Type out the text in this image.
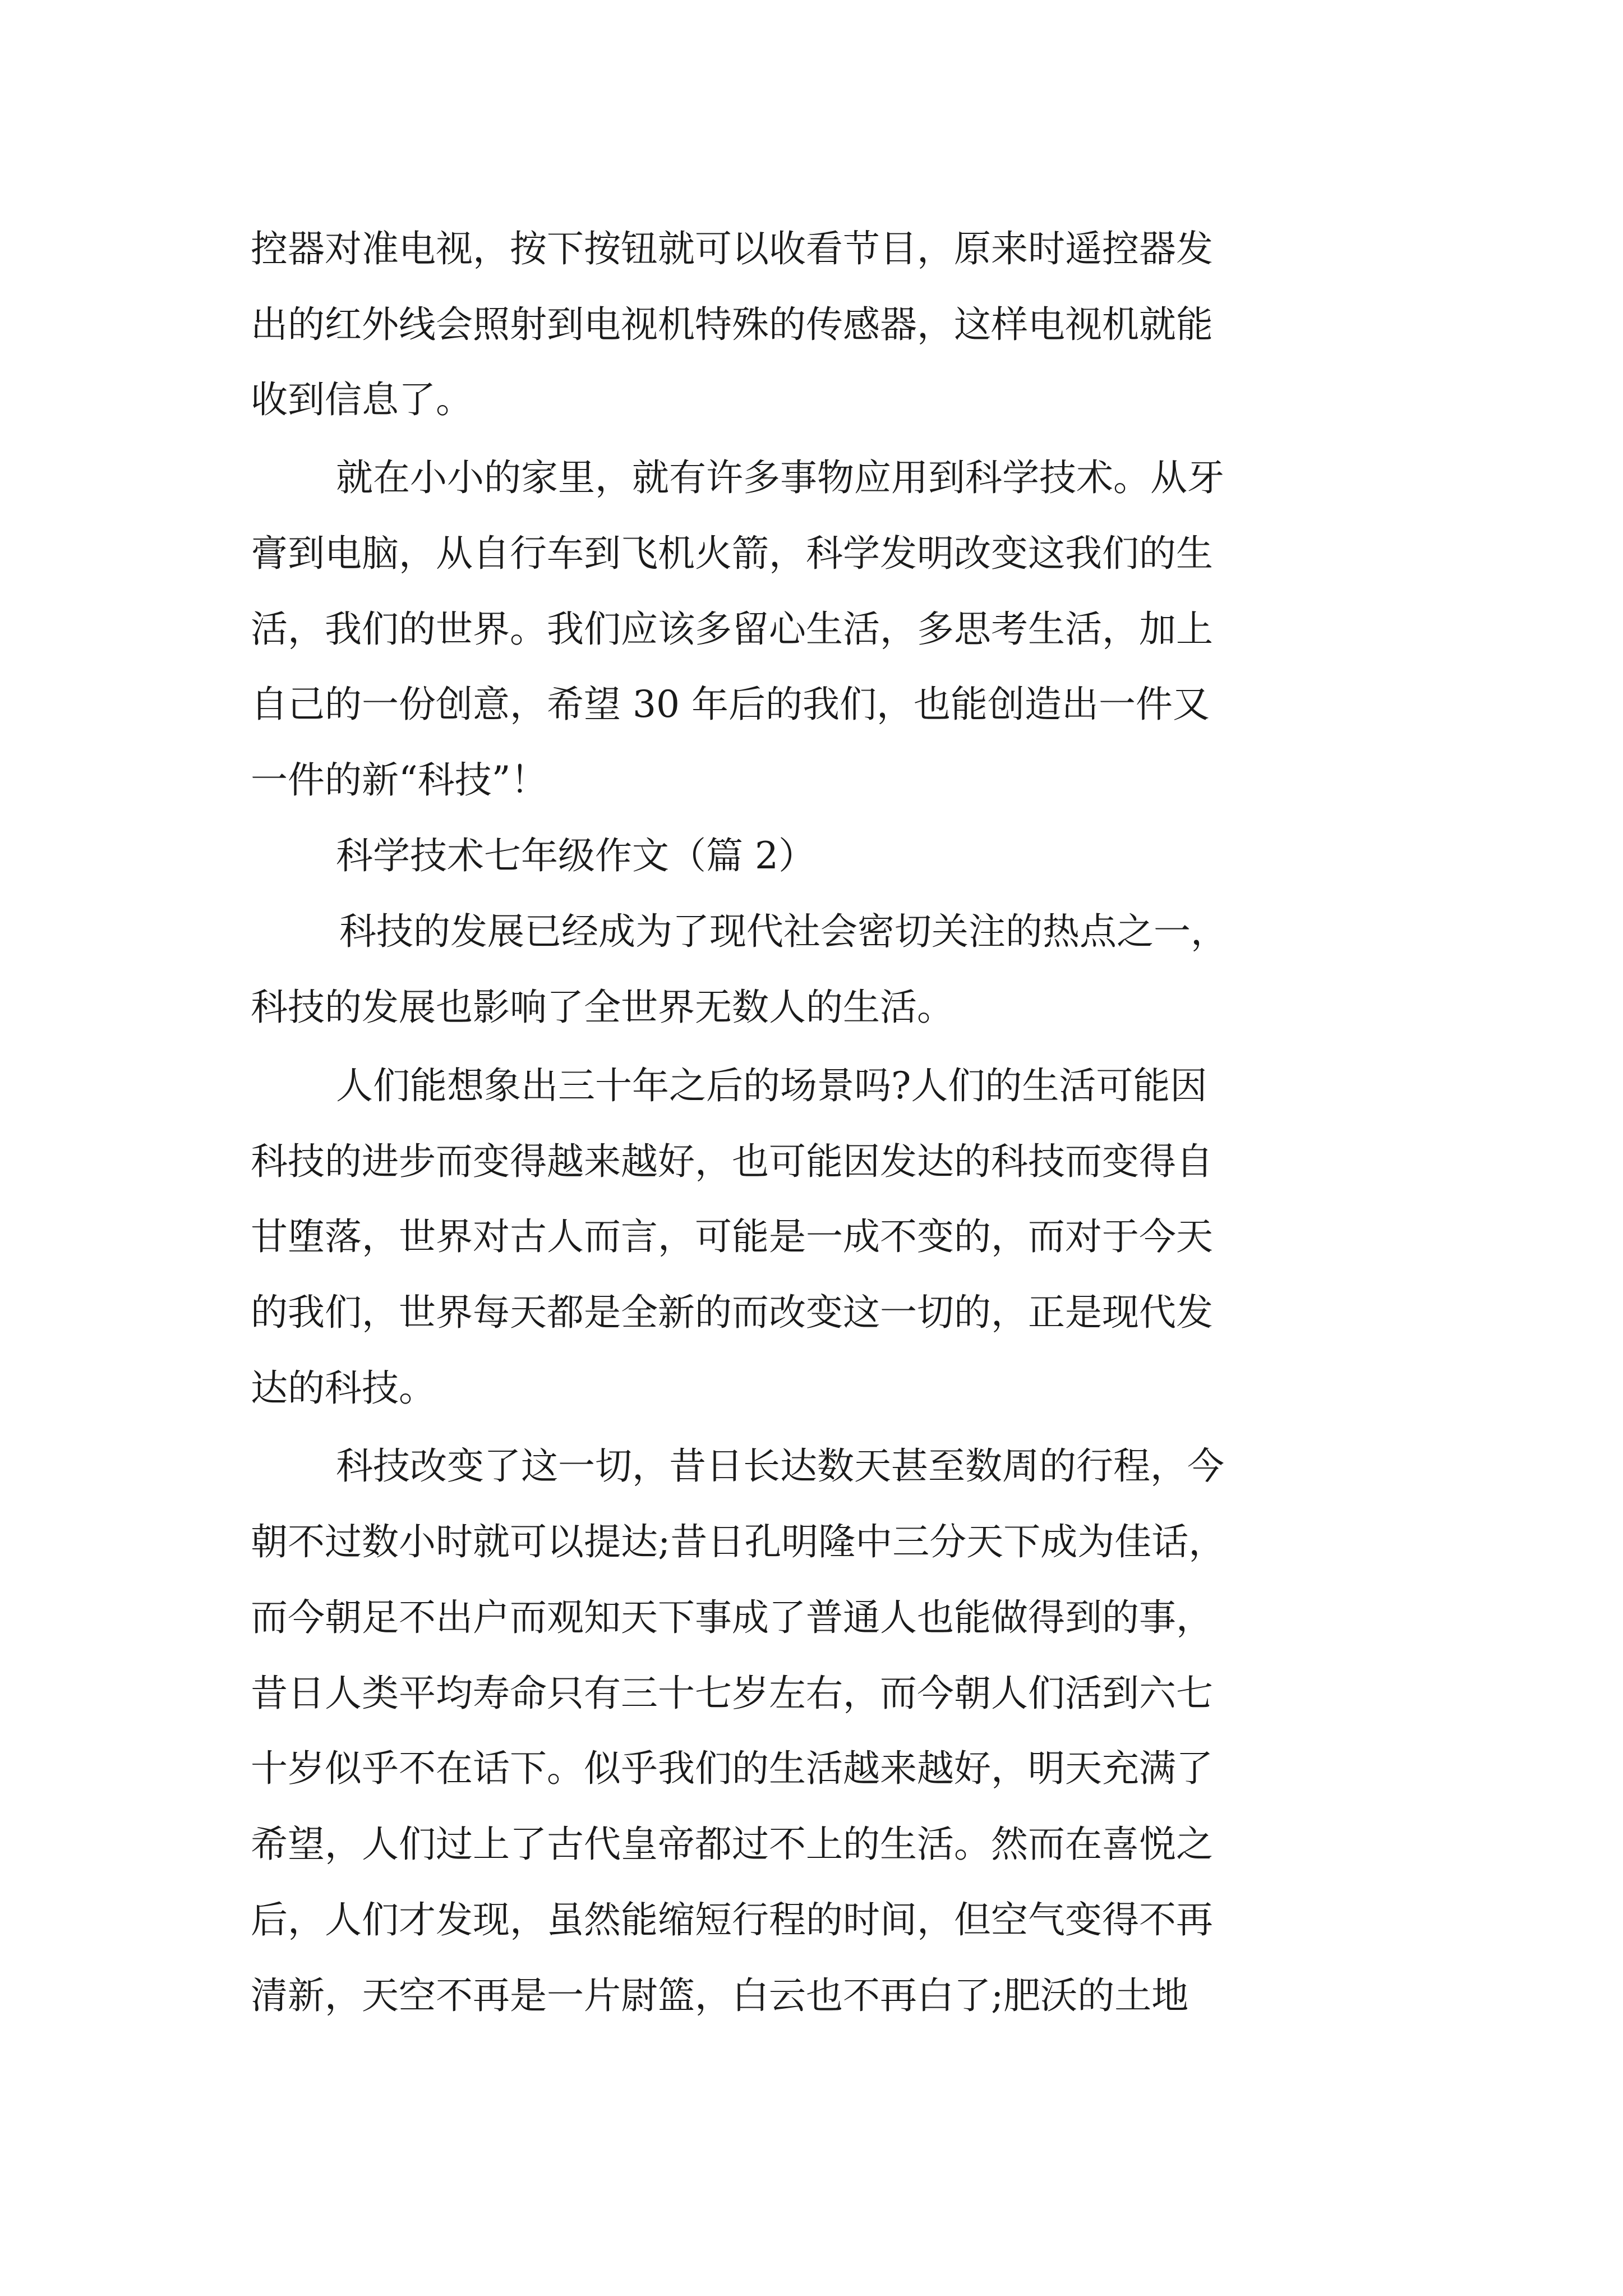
控器对准电视，按下按钮就可以收看节目，原来时遥控器发
出的红外线会照射到电视机特殊的传感器，这样电视机就能
收到信息了。
就在小小的家里，就有许多事物应用到科学技术。从牙
膏到电脑，从自行车到飞机火箭，科学发明改变这我们的生
活，我们的世界。我们应该多留心生活，多思考生活，加上
自己的一份创意，希望 30 年后的我们，也能创造出一件又
一件的新“科技”！
科学技术七年级作文（篇 2）
科技的发展已经成为了现代社会密切关注的热点之一，
科技的发展也影响了全世界无数人的生活。
人们能想象出三十年之后的场景吗?人们的生活可能因
科技的进步而变得越来越好，也可能因发达的科技而变得自
甘堕落，世界对古人而言，可能是一成不变的，而对于今天
的我们，世界每天都是全新的而改变这一切的，正是现代发
达的科技。
科技改变了这一切，昔日长达数天甚至数周的行程，今
朝不过数小时就可以提达;昔日孔明隆中三分天下成为佳话，
而今朝足不出户而观知天下事成了普通人也能做得到的事，
昔日人类平均寿命只有三十七岁左右，而今朝人们活到六七
十岁似乎不在话下。似乎我们的生活越来越好，明天充满了
希望，人们过上了古代皇帝都过不上的生活。然而在喜悦之
后，人们才发现，虽然能缩短行程的时间，但空气变得不再
清新，天空不再是一片尉篮，白云也不再白了;肥沃的土地
